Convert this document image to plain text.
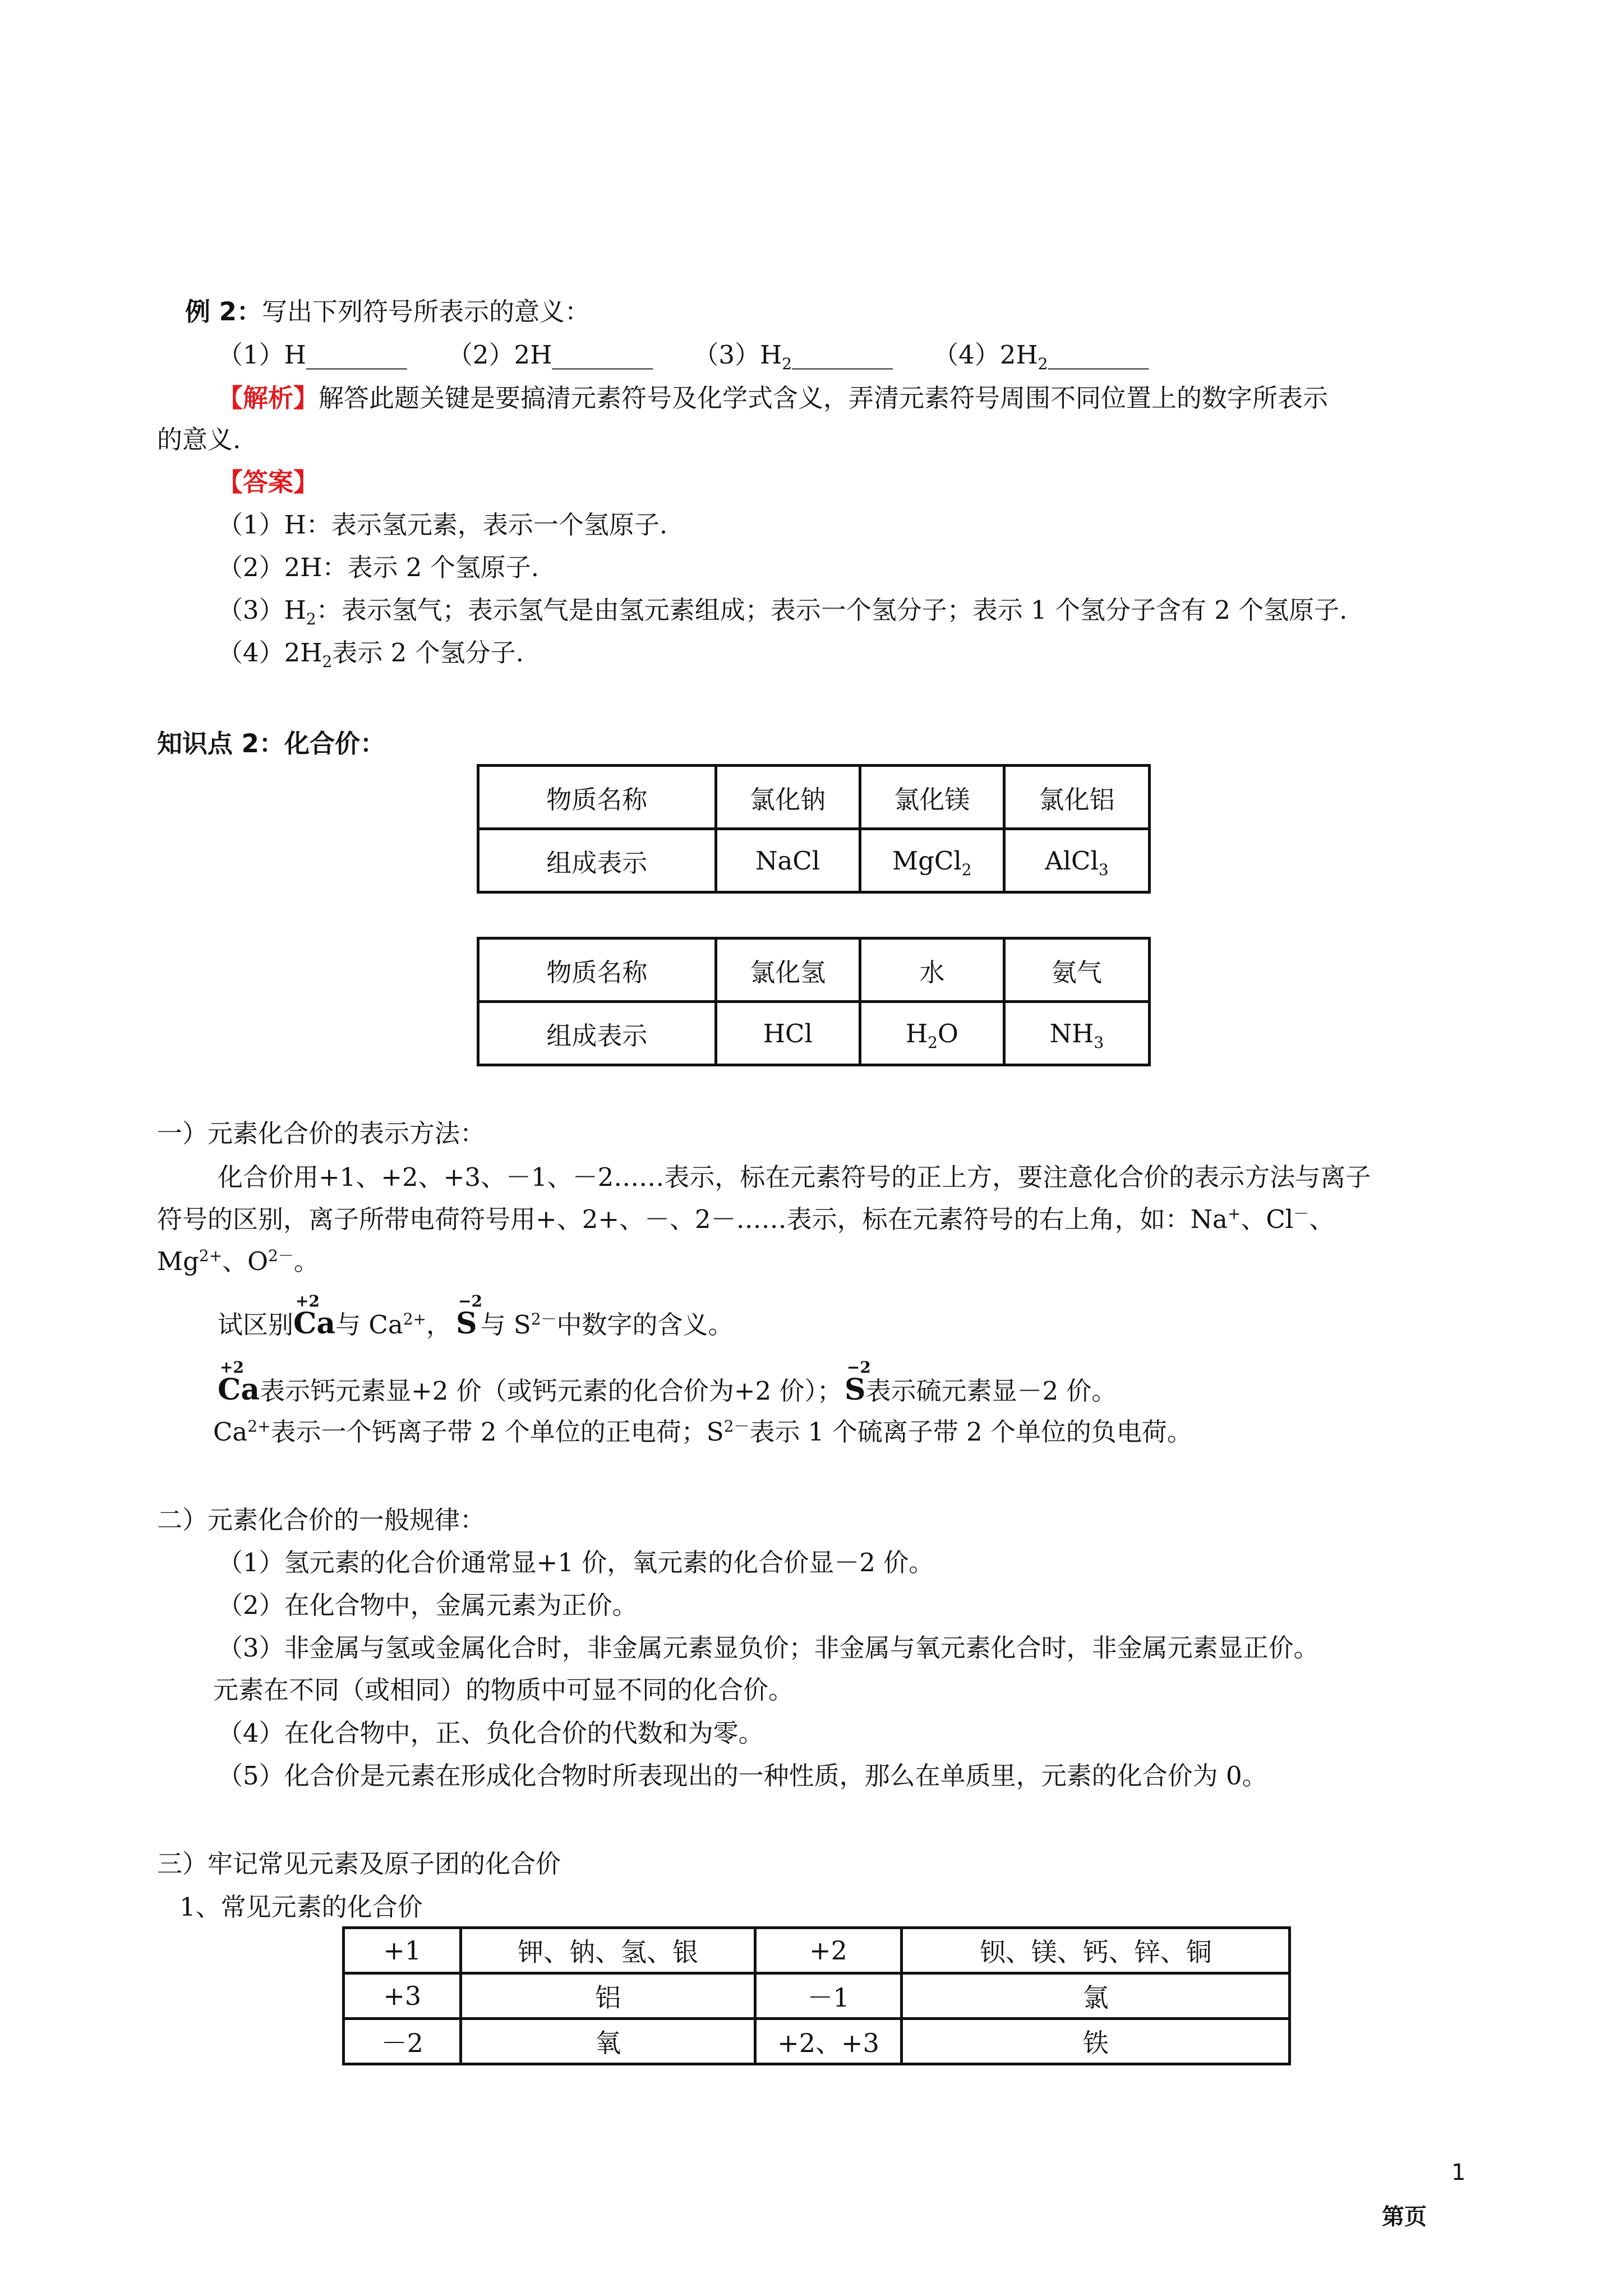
例 2：写出下列符号所表示的意义：
（1）H________ （2）2H________ $(3)H_2\_\_\_\_\_\_\_\_$ $(4)2H_2\_\_\_\_\_\_\_\_$
【解析】解答此题关键是要搞清元素符号及化学式含义，弄清元素符号周围不同位置上的数字所表示
的意义.
【答案】
（1）H：表示氢元素，表示一个氢原子.
（2）2H：表示 2 个氢原子.
$(3)H_2$：表示氢气；表示氢气是由氢元素组成；表示一个氢分子；表示 1 个氢分子含有 2 个氢原子.
$(4)2H_2$表示 2 个氢分子.
知识点 2：化合价：
物质名称	氯化钠	氯化镁	氯化铝
组成表示	NaCl	MgCl$_2$	AlCl$_3$
物质名称	氯化氢	水	氨气
组成表示	HCl	$H_2O$	$NH_3$
一）元素化合价的表示方法：
化合价用+1、+2、+3、－1、－2……表示，标在元素符号的正上方，要注意化合价的表示方法与离子
符号的区别，离子所带电荷符号用+、2+、－、2－……表示，标在元素符号的右上角，如：Na+、Cl－、
$Mg^{2+}$、$O^{2-}$。
试区别
+2
Ca与 $Ca^{2+}$，
−2
S 与 $S^{2-}$中数字的含义。
+2
Ca表示钙元素显+2 价（或钙元素的化合价为+2 价）；
−2
S表示硫元素显－2 价。
$Ca^{2+}$表示一个钙离子带 2 个单位的正电荷；$S^{2-}$表示 1 个硫离子带 2 个单位的负电荷。
二）元素化合价的一般规律：
（1）氢元素的化合价通常显+1 价，氧元素的化合价显－2 价。
（2）在化合物中，金属元素为正价。
（3）非金属与氢或金属化合时，非金属元素显负价；非金属与氧元素化合时，非金属元素显正价。
元素在不同（或相同）的物质中可显不同的化合价。
（4）在化合物中，正、负化合价的代数和为零。
（5）化合价是元素在形成化合物时所表现出的一种性质，那么在单质里，元素的化合价为 0。
三）牢记常见元素及原子团的化合价
1、常见元素的化合价
+1	钾、钠、氢、银	+2	钡、镁、钙、锌、铜
+3	铝	－1	氯
－2	氧	+2、+3	铁
1
第页
